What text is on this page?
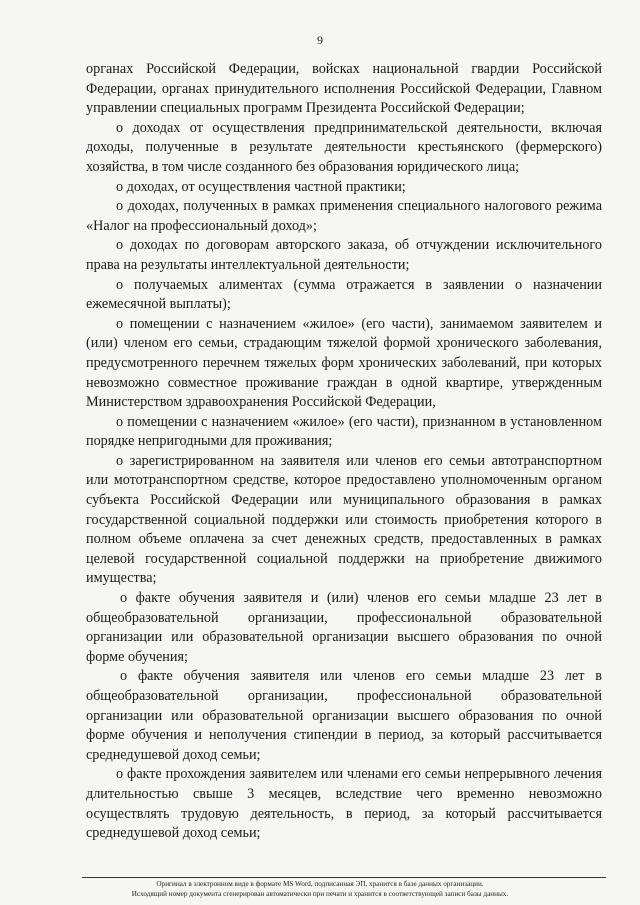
9

органах Российской Федерации, войсках национальной гвардии Российской Федерации, органах принудительного исполнения Российской Федерации, Главном управлении специальных программ Президента Российской Федерации;

о доходах от осуществления предпринимательской деятельности, включая доходы, полученные в результате деятельности крестьянского (фермерского) хозяйства, в том числе созданного без образования юридического лица;

о доходах, от осуществления частной практики;

о доходах, полученных в рамках применения специального налогового режима «Налог на профессиональный доход»;

о доходах по договорам авторского заказа, об отчуждении исключительного права на результаты интеллектуальной деятельности;

о получаемых алиментах (сумма отражается в заявлении о назначении ежемесячной выплаты);

о помещении с назначением «жилое» (его части), занимаемом заявителем и (или) членом его семьи, страдающим тяжелой формой хронического заболевания, предусмотренного перечнем тяжелых форм хронических заболеваний, при которых невозможно совместное проживание граждан в одной квартире, утвержденным Министерством здравоохранения Российской Федерации,

о помещении с назначением «жилое» (его части), признанном в установленном порядке непригодными для проживания;

о зарегистрированном на заявителя или членов его семьи автотранспортном или мототранспортном средстве, которое предоставлено уполномоченным органом субъекта Российской Федерации или муниципального образования в рамках государственной социальной поддержки или стоимость приобретения которого в полном объеме оплачена за счет денежных средств, предоставленных в рамках целевой государственной социальной поддержки на приобретение движимого имущества;

о факте обучения заявителя и (или) членов его семьи младше 23 лет в общеобразовательной организации, профессиональной образовательной организации или образовательной организации высшего образования по очной форме обучения;

о факте обучения заявителя или членов его семьи младше 23 лет в общеобразовательной организации, профессиональной образовательной организации или образовательной организации высшего образования по очной форме обучения и неполучения стипендии в период, за который рассчитывается среднедушевой доход семьи;

о факте прохождения заявителем или членами его семьи непрерывного лечения длительностью свыше 3 месяцев, вследствие чего временно невозможно осуществлять трудовую деятельность, в период, за который рассчитывается среднедушевой доход семьи;

Оригинал в электронном виде в формате MS Word, подписанная ЭП, хранится в базе данных организации.
Исходящий номер документа сгенерирован автоматически при печати и хранится в соответствующей записи базы данных.
